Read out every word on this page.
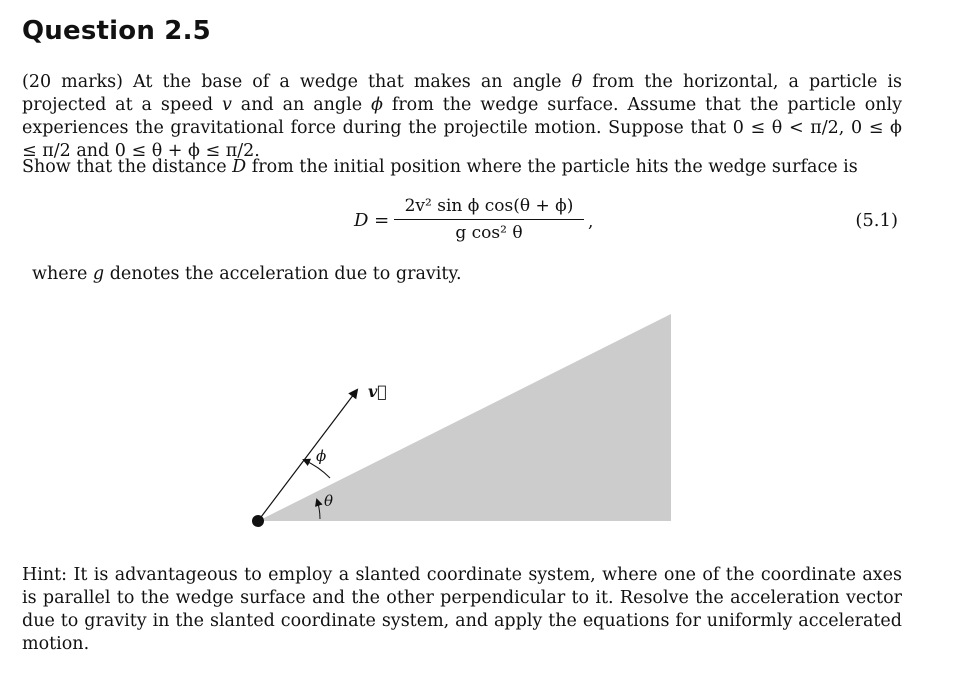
Question 2.5
(20 marks) At the base of a wedge that makes an angle θ from the horizontal, a particle is projected at a speed v and an angle ϕ from the wedge surface. Assume that the particle only experiences the gravitational force during the projectile motion. Suppose that 0 ≤ θ < π/2, 0 ≤ ϕ ≤ π/2 and 0 ≤ θ + ϕ ≤ π/2.
Show that the distance D from the initial position where the particle hits the wedge surface is
$D = \frac{\text{2v² sin ϕ cos(θ + ϕ)}}{\text{g cos² θ}}$ ,	(5.1)
where g denotes the acceleration due to gravity.
v⃗
ϕ
θ
Hint: It is advantageous to employ a slanted coordinate system, where one of the coordinate axes is parallel to the wedge surface and the other perpendicular to it. Resolve the acceleration vector due to gravity in the slanted coordinate system, and apply the equations for uniformly accelerated motion.
